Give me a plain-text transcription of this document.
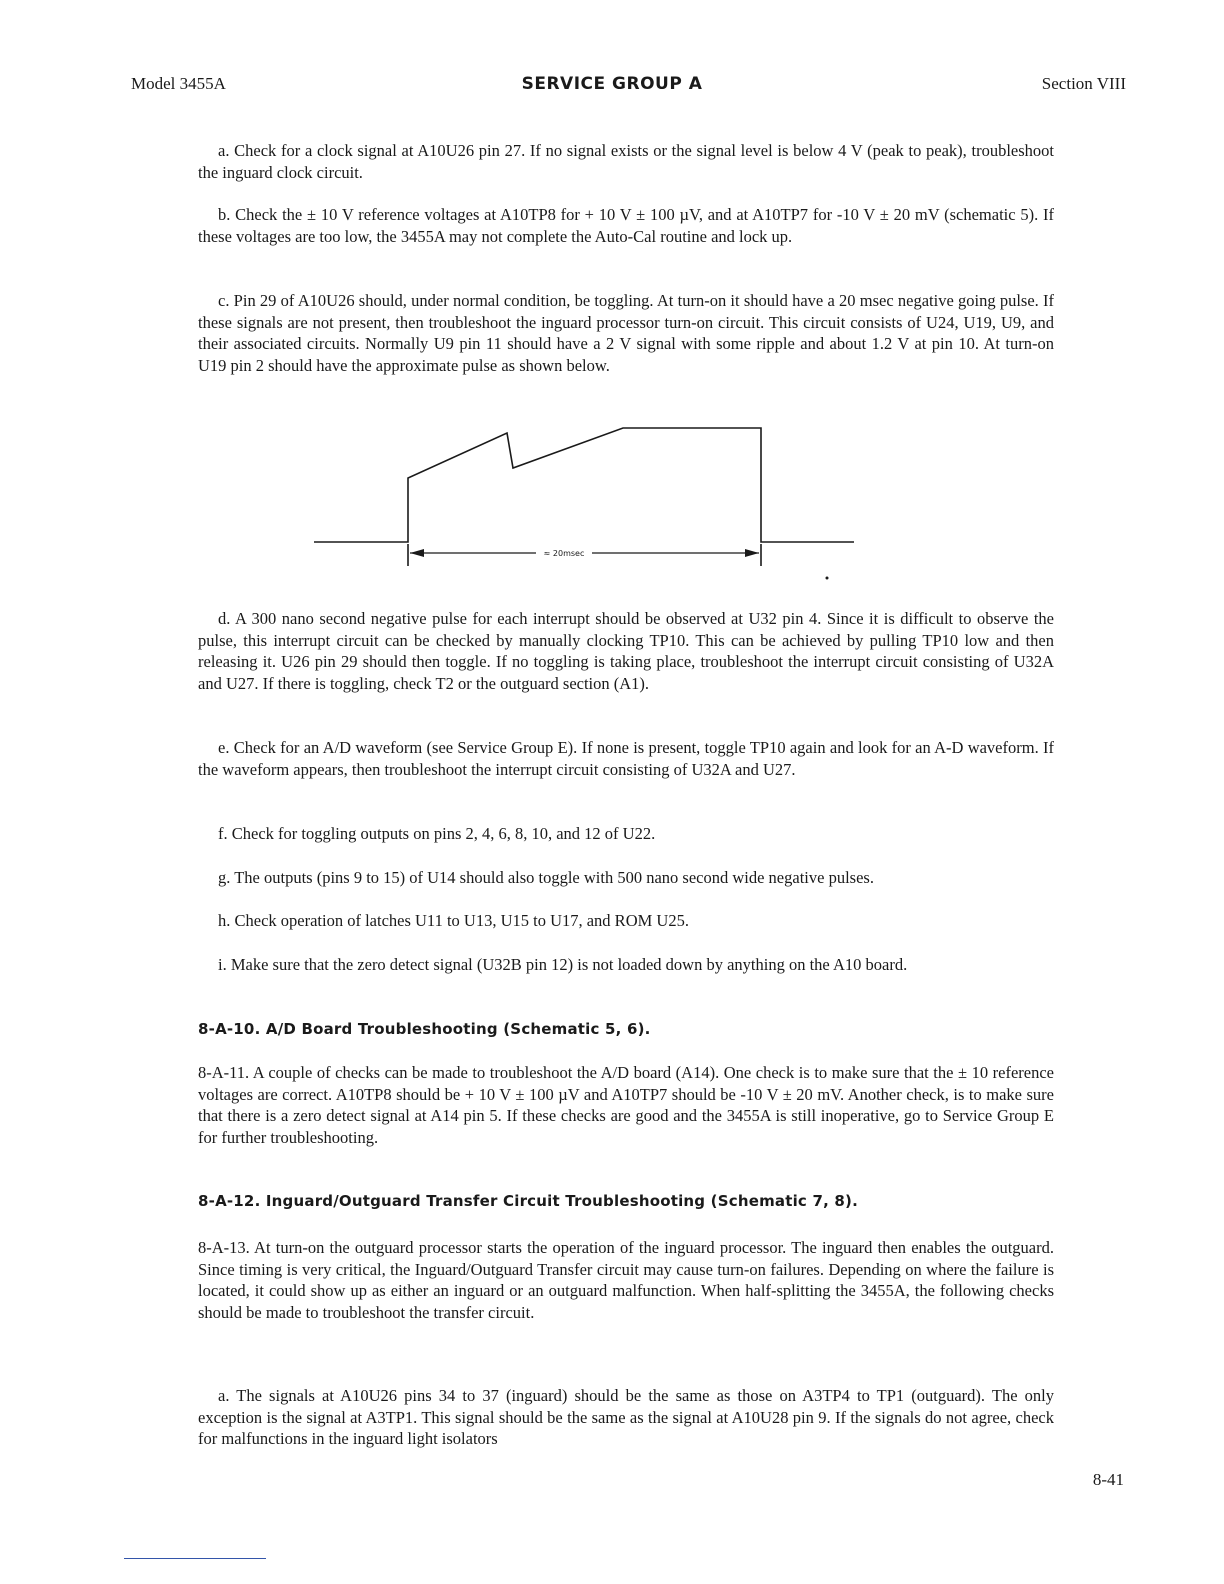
Model 3455A	SERVICE GROUP A	Section VIII

a. Check for a clock signal at A10U26 pin 27. If no signal exists or the signal level is below 4 V (peak to peak), troubleshoot the inguard clock circuit.

b. Check the ± 10 V reference voltages at A10TP8 for + 10 V ± 100 µV, and at A10TP7 for -10 V ± 20 mV (schematic 5). If these voltages are too low, the 3455A may not complete the Auto-Cal routine and lock up.

c. Pin 29 of A10U26 should, under normal condition, be toggling. At turn-on it should have a 20 msec negative going pulse. If these signals are not present, then troubleshoot the inguard processor turn-on circuit. This circuit consists of U24, U19, U9, and their associated circuits. Normally U9 pin 11 should have a 2 V signal with some ripple and about 1.2 V at pin 10. At turn-on U19 pin 2 should have the approximate pulse as shown below.

≈ 20msec

d. A 300 nano second negative pulse for each interrupt should be observed at U32 pin 4. Since it is difficult to observe the pulse, this interrupt circuit can be checked by manually clocking TP10. This can be achieved by pulling TP10 low and then releasing it. U26 pin 29 should then toggle. If no toggling is taking place, troubleshoot the interrupt circuit consisting of U32A and U27. If there is toggling, check T2 or the outguard section (A1).

e. Check for an A/D waveform (see Service Group E). If none is present, toggle TP10 again and look for an A-D waveform. If the waveform appears, then troubleshoot the interrupt circuit consisting of U32A and U27.

f. Check for toggling outputs on pins 2, 4, 6, 8, 10, and 12 of U22.

g. The outputs (pins 9 to 15) of U14 should also toggle with 500 nano second wide negative pulses.

h. Check operation of latches U11 to U13, U15 to U17, and ROM U25.

i. Make sure that the zero detect signal (U32B pin 12) is not loaded down by anything on the A10 board.

8-A-10. A/D Board Troubleshooting (Schematic 5, 6).

8-A-11. A couple of checks can be made to troubleshoot the A/D board (A14). One check is to make sure that the ± 10 reference voltages are correct. A10TP8 should be + 10 V ± 100 µV and A10TP7 should be -10 V ± 20 mV. Another check, is to make sure that there is a zero detect signal at A14 pin 5. If these checks are good and the 3455A is still inoperative, go to Service Group E for further troubleshooting.

8-A-12. Inguard/Outguard Transfer Circuit Troubleshooting (Schematic 7, 8).

8-A-13. At turn-on the outguard processor starts the operation of the inguard processor. The inguard then enables the outguard. Since timing is very critical, the Inguard/Outguard Transfer circuit may cause turn-on failures. Depending on where the failure is located, it could show up as either an inguard or an outguard malfunction. When half-splitting the 3455A, the following checks should be made to troubleshoot the transfer circuit.

a. The signals at A10U26 pins 34 to 37 (inguard) should be the same as those on A3TP4 to TP1 (outguard). The only exception is the signal at A3TP1. This signal should be the same as the signal at A10U28 pin 9. If the signals do not agree, check for malfunctions in the inguard light isolators

8-41
